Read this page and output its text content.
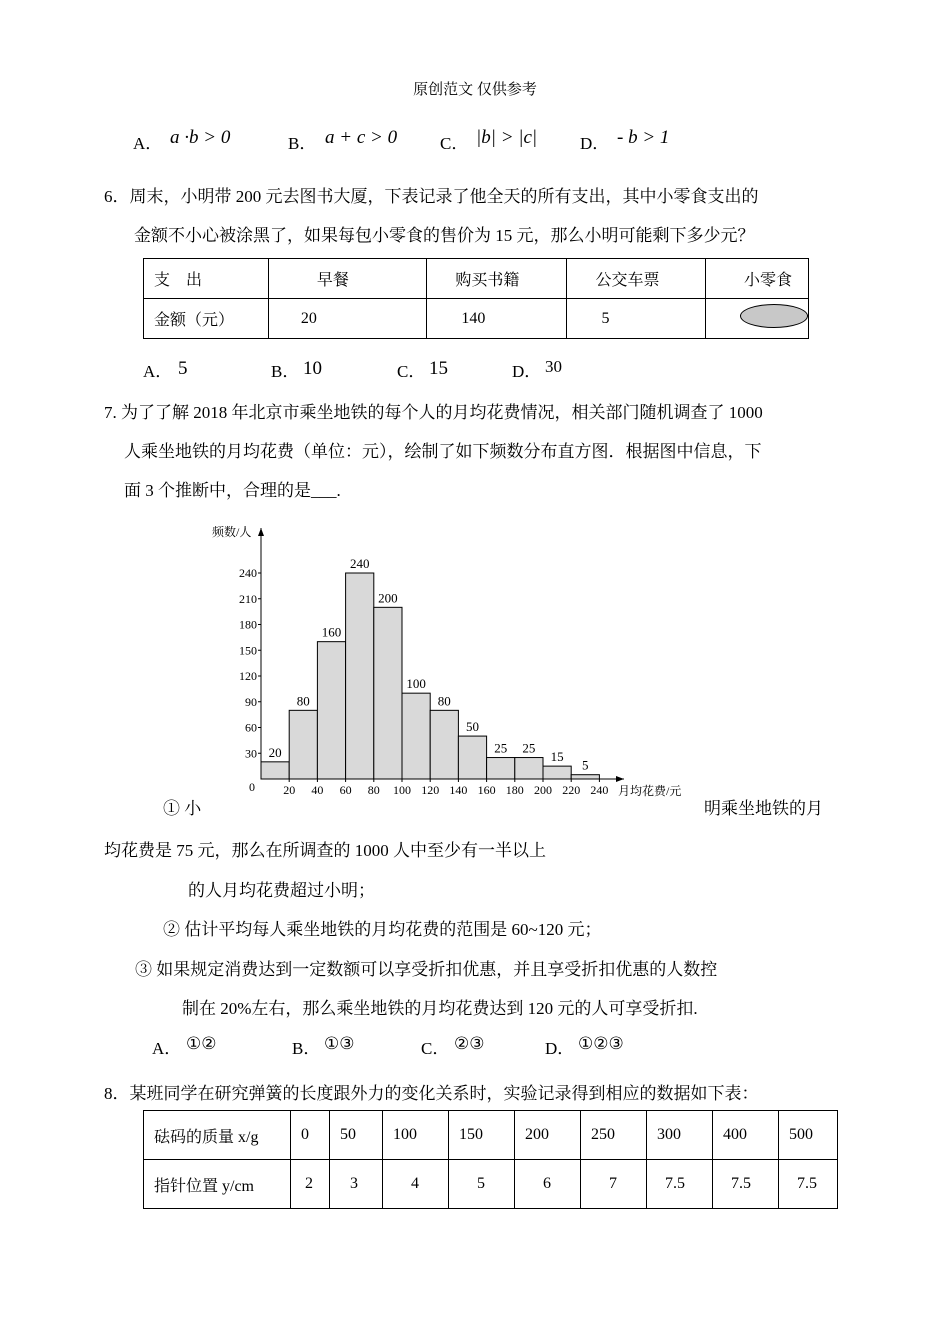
原创范文 仅供参考
A． a ·b > 0	B． a + c > 0	C． |b| > |c|	D． - b > 1
6．周末，小明带 200 元去图书大厦，下表记录了他全天的所有支出，其中小零食支出的
金额不小心被涂黑了，如果每包小零食的售价为 15 元，那么小明可能剩下多少元？
支　出	早餐	购买书籍	公交车票	小零食
金额（元）	20	140	5	
A． 5	B． 10	C． 15	D． 30
7. 为了了解 2018 年北京市乘坐地铁的每个人的月均花费情况，相关部门随机调查了 1000
人乘坐地铁的月均花费（单位：元），绘制了如下频数分布直方图．根据图中信息，下
面 3 个推断中，合理的是___.
20
80
160
240
200
100
80
50
25 25
15
5
30
60
90
120
150
180
210
240
20 40 60 80 100 120 140 160 180 200 220 240
0
频数/人
月均花费/元
① 小	明乘坐地铁的月
均花费是 75 元，那么在所调查的 1000 人中至少有一半以上
的人月均花费超过小明；
② 估计平均每人乘坐地铁的月均花费的范围是 60~120 元；
③ 如果规定消费达到一定数额可以享受折扣优惠，并且享受折扣优惠的人数控
制在 20%左右，那么乘坐地铁的月均花费达到 120 元的人可享受折扣.
A． ①②	B． ①③	C． ②③	D． ①②③
8．某班同学在研究弹簧的长度跟外力的变化关系时，实验记录得到相应的数据如下表：
砝码的质量 x/g	0	50	100	150	200	250	300	400	500
指针位置 y/cm	2	3	4	5	6	7	7.5	7.5	7.5
